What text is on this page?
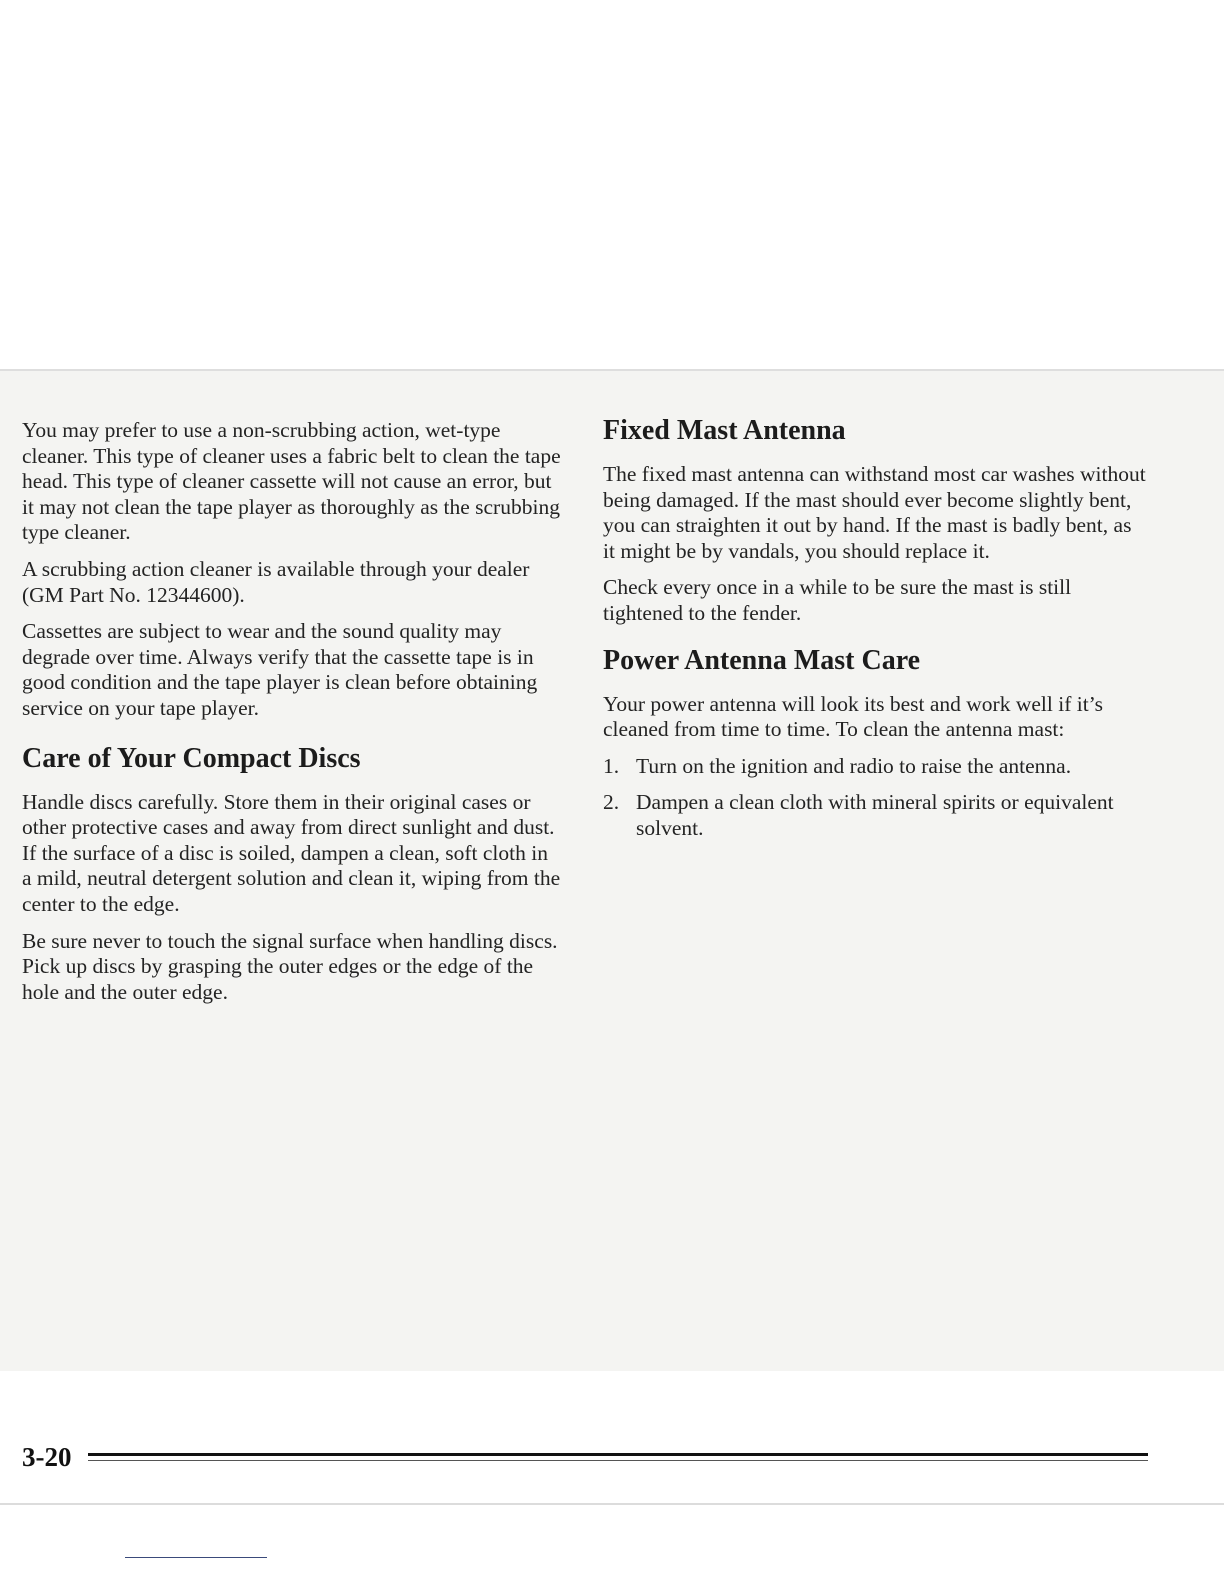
You may prefer to use a non-scrubbing action, wet-type cleaner. This type of cleaner uses a fabric belt to clean the tape head. This type of cleaner cassette will not cause an error, but it may not clean the tape player as thoroughly as the scrubbing type cleaner.

A scrubbing action cleaner is available through your dealer (GM Part No. 12344600).

Cassettes are subject to wear and the sound quality may degrade over time. Always verify that the cassette tape is in good condition and the tape player is clean before obtaining service on your tape player.

Care of Your Compact Discs

Handle discs carefully. Store them in their original cases or other protective cases and away from direct sunlight and dust. If the surface of a disc is soiled, dampen a clean, soft cloth in a mild, neutral detergent solution and clean it, wiping from the center to the edge.

Be sure never to touch the signal surface when handling discs. Pick up discs by grasping the outer edges or the edge of the hole and the outer edge.

Fixed Mast Antenna

The fixed mast antenna can withstand most car washes without being damaged. If the mast should ever become slightly bent, you can straighten it out by hand. If the mast is badly bent, as it might be by vandals, you should replace it.

Check every once in a while to be sure the mast is still tightened to the fender.

Power Antenna Mast Care

Your power antenna will look its best and work well if it’s cleaned from time to time. To clean the antenna mast:

1. Turn on the ignition and radio to raise the antenna.
2. Dampen a clean cloth with mineral spirits or equivalent solvent.
3-20
